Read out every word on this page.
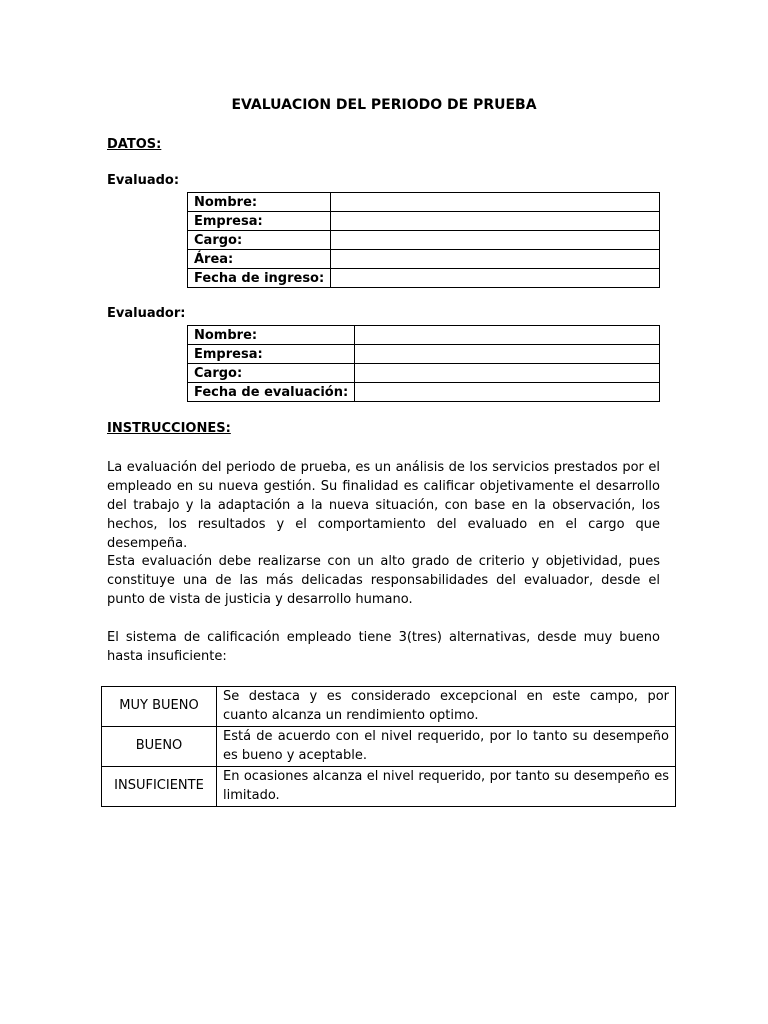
EVALUACION DEL PERIODO DE PRUEBA
DATOS:
Evaluado:
Nombre:	
Empresa:	
Cargo:	
Área:	
Fecha de ingreso:	
Evaluador:
Nombre:	
Empresa:	
Cargo:	
Fecha de evaluación:	
INSTRUCCIONES:
La evaluación del periodo de prueba, es un análisis de los servicios prestados por el empleado en su nueva gestión. Su finalidad es calificar objetivamente el desarrollo del trabajo y la adaptación a la nueva situación, con base en la observación, los hechos, los resultados y el comportamiento del evaluado en el cargo que desempeña.
Esta evaluación debe realizarse con un alto grado de criterio y objetividad, pues constituye una de las más delicadas responsabilidades del evaluador, desde el punto de vista de justicia y desarrollo humano.
El sistema de calificación empleado tiene 3(tres) alternativas, desde muy bueno hasta insuficiente:
MUY BUENO	Se destaca y es considerado excepcional en este campo, por cuanto alcanza un rendimiento optimo.
BUENO	Está de acuerdo con el nivel requerido, por lo tanto su desempeño es bueno y aceptable.
INSUFICIENTE	En ocasiones alcanza el nivel requerido, por tanto su desempeño es limitado.
